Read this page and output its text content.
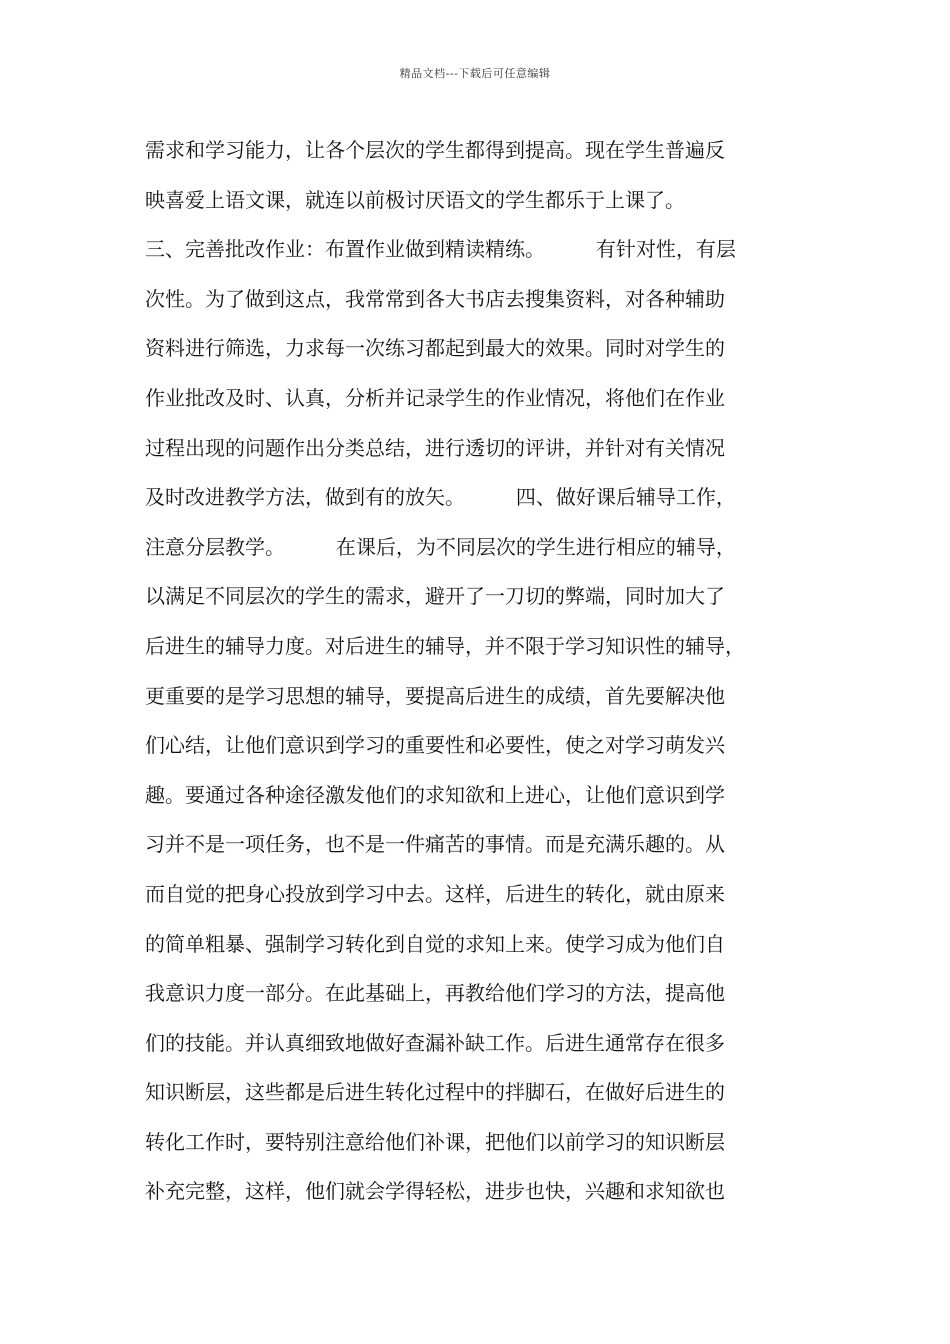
精品文档---下载后可任意编辑
需求和学习能力，让各个层次的学生都得到提高。现在学生普遍反
映喜爱上语文课，就连以前极讨厌语文的学生都乐于上课了。
三、完善批改作业：布置作业做到精读精练。        有针对性，有层
次性。为了做到这点，我常常到各大书店去搜集资料，对各种辅助
资料进行筛选，力求每一次练习都起到最大的效果。同时对学生的
作业批改及时、认真，分析并记录学生的作业情况，将他们在作业
过程出现的问题作出分类总结，进行透切的评讲，并针对有关情况
及时改进教学方法，做到有的放矢。        四、做好课后辅导工作，
注意分层教学。        在课后，为不同层次的学生进行相应的辅导，
以满足不同层次的学生的需求，避开了一刀切的弊端，同时加大了
后进生的辅导力度。对后进生的辅导，并不限于学习知识性的辅导，
更重要的是学习思想的辅导，要提高后进生的成绩，首先要解决他
们心结，让他们意识到学习的重要性和必要性，使之对学习萌发兴
趣。要通过各种途径激发他们的求知欲和上进心，让他们意识到学
习并不是一项任务，也不是一件痛苦的事情。而是充满乐趣的。从
而自觉的把身心投放到学习中去。这样，后进生的转化，就由原来
的简单粗暴、强制学习转化到自觉的求知上来。使学习成为他们自
我意识力度一部分。在此基础上，再教给他们学习的方法，提高他
们的技能。并认真细致地做好查漏补缺工作。后进生通常存在很多
知识断层，这些都是后进生转化过程中的拌脚石，在做好后进生的
转化工作时，要特别注意给他们补课，把他们以前学习的知识断层
补充完整，这样，他们就会学得轻松，进步也快，兴趣和求知欲也
